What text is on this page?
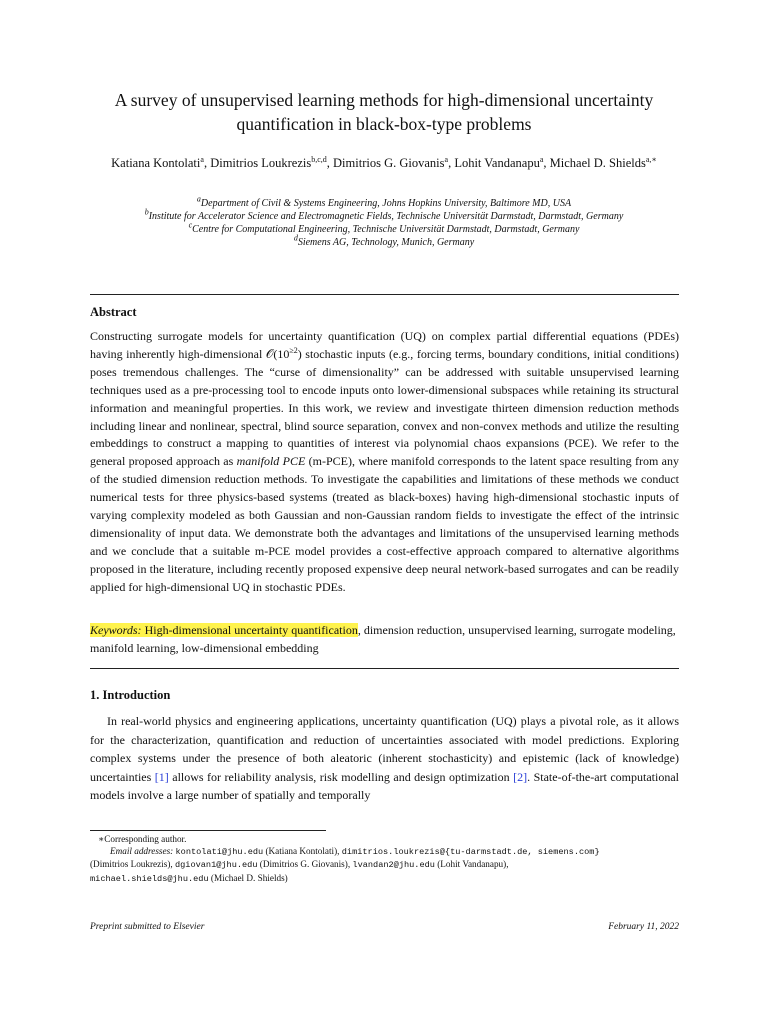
A survey of unsupervised learning methods for high-dimensional uncertainty quantification in black-box-type problems
Katiana Kontolati$^a$, Dimitrios Loukrezis$^{b,c,d}$, Dimitrios G. Giovanis$^a$, Lohit Vandanapu$^a$, Michael D. Shields$^{a,∗}$
$^a$Department of Civil & Systems Engineering, Johns Hopkins University, Baltimore MD, USA
$^b$Institute for Accelerator Science and Electromagnetic Fields, Technische Universität Darmstadt, Darmstadt, Germany
$^c$Centre for Computational Engineering, Technische Universität Darmstadt, Darmstadt, Germany
$^d$Siemens AG, Technology, Munich, Germany
Abstract
Constructing surrogate models for uncertainty quantification (UQ) on complex partial differential equations (PDEs) having inherently high-dimensional $𝒪(10^{\ge 2})$ stochastic inputs (e.g., forcing terms, boundary conditions, initial conditions) poses tremendous challenges. The “curse of dimensionality” can be addressed with suitable unsupervised learning techniques used as a pre-processing tool to encode inputs onto lower-dimensional subspaces while retaining its structural information and meaningful properties. In this work, we review and investigate thirteen dimension reduction methods including linear and nonlinear, spectral, blind source separation, convex and non-convex methods and utilize the resulting embeddings to construct a mapping to quantities of interest via polynomial chaos expansions (PCE). We refer to the general proposed approach as manifold PCE (m-PCE), where manifold corresponds to the latent space resulting from any of the studied dimension reduction methods. To investigate the capabilities and limitations of these methods we conduct numerical tests for three physics-based systems (treated as black-boxes) having high-dimensional stochastic inputs of varying complexity modeled as both Gaussian and non-Gaussian random fields to investigate the effect of the intrinsic dimensionality of input data. We demonstrate both the advantages and limitations of the unsupervised learning methods and we conclude that a suitable m-PCE model provides a cost-effective approach compared to alternative algorithms proposed in the literature, including recently proposed expensive deep neural network-based surrogates and can be readily applied for high-dimensional UQ in stochastic PDEs.
Keywords: High-dimensional uncertainty quantification, dimension reduction, unsupervised learning, surrogate modeling, manifold learning, low-dimensional embedding
1. Introduction
In real-world physics and engineering applications, uncertainty quantification (UQ) plays a pivotal role, as it allows for the characterization, quantification and reduction of uncertainties associated with model predictions. Exploring complex systems under the presence of both aleatoric (inherent stochasticity) and epistemic (lack of knowledge) uncertainties [1] allows for reliability analysis, risk modelling and design optimization [2]. State-of-the-art computational models involve a large number of spatially and temporally
∗Corresponding author.
Email addresses: kontolati@jhu.edu (Katiana Kontolati), dimitrios.loukrezis@{tu-darmstadt.de, siemens.com}
(Dimitrios Loukrezis), dgiovan1@jhu.edu (Dimitrios G. Giovanis), lvandan2@jhu.edu (Lohit Vandanapu),
michael.shields@jhu.edu (Michael D. Shields)
Preprint submitted to Elsevier	February 11, 2022
